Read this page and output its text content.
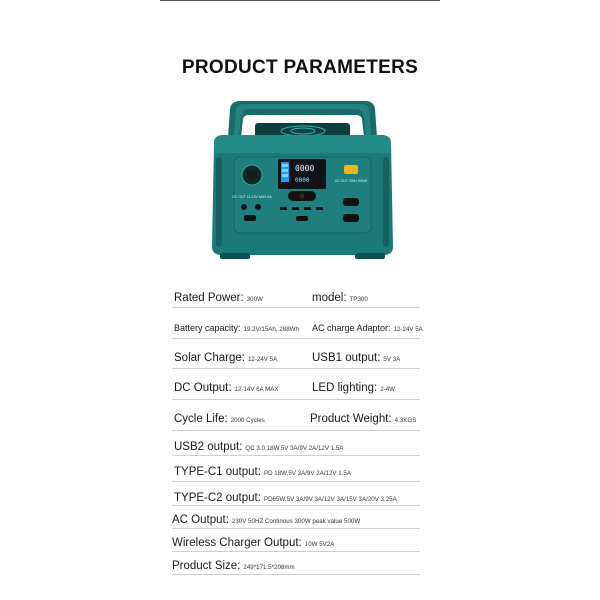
PRODUCT PARAMETERS
DC OUT 12-14V MAX 6A
0000
0000	AC OUT 50Hz 500W
Rated Power: 300W	model: TP300
Battery capacity: 19.2V/15Ah, 288Wh AC charge Adaptor: 12-24V 5A
Solar Charge: 12-24V 5A	USB1 output: 5V 3A
DC Output: 12-14V 6A MAX	LED lighting: 2-4W
Cycle Life: 2000 Cycles	Product Weight: 4.3KGS
USB2 output: QC 3.0,18W,5V 3A/9V 2A/12V 1.5A
TYPE-C1 output: PD 18W,5V 3A/9V 2A/12V 1.5A
TYPE-C2 output: PD65W,5V 3A/9V 3A/12V 3A/15V 3A/20V 3.25A
AC Output: 230V 50HZ Continous 300W peak value 500W
Wireless Charger Output: 10W 5V2A
Product Size: 249*171.5*208mm
